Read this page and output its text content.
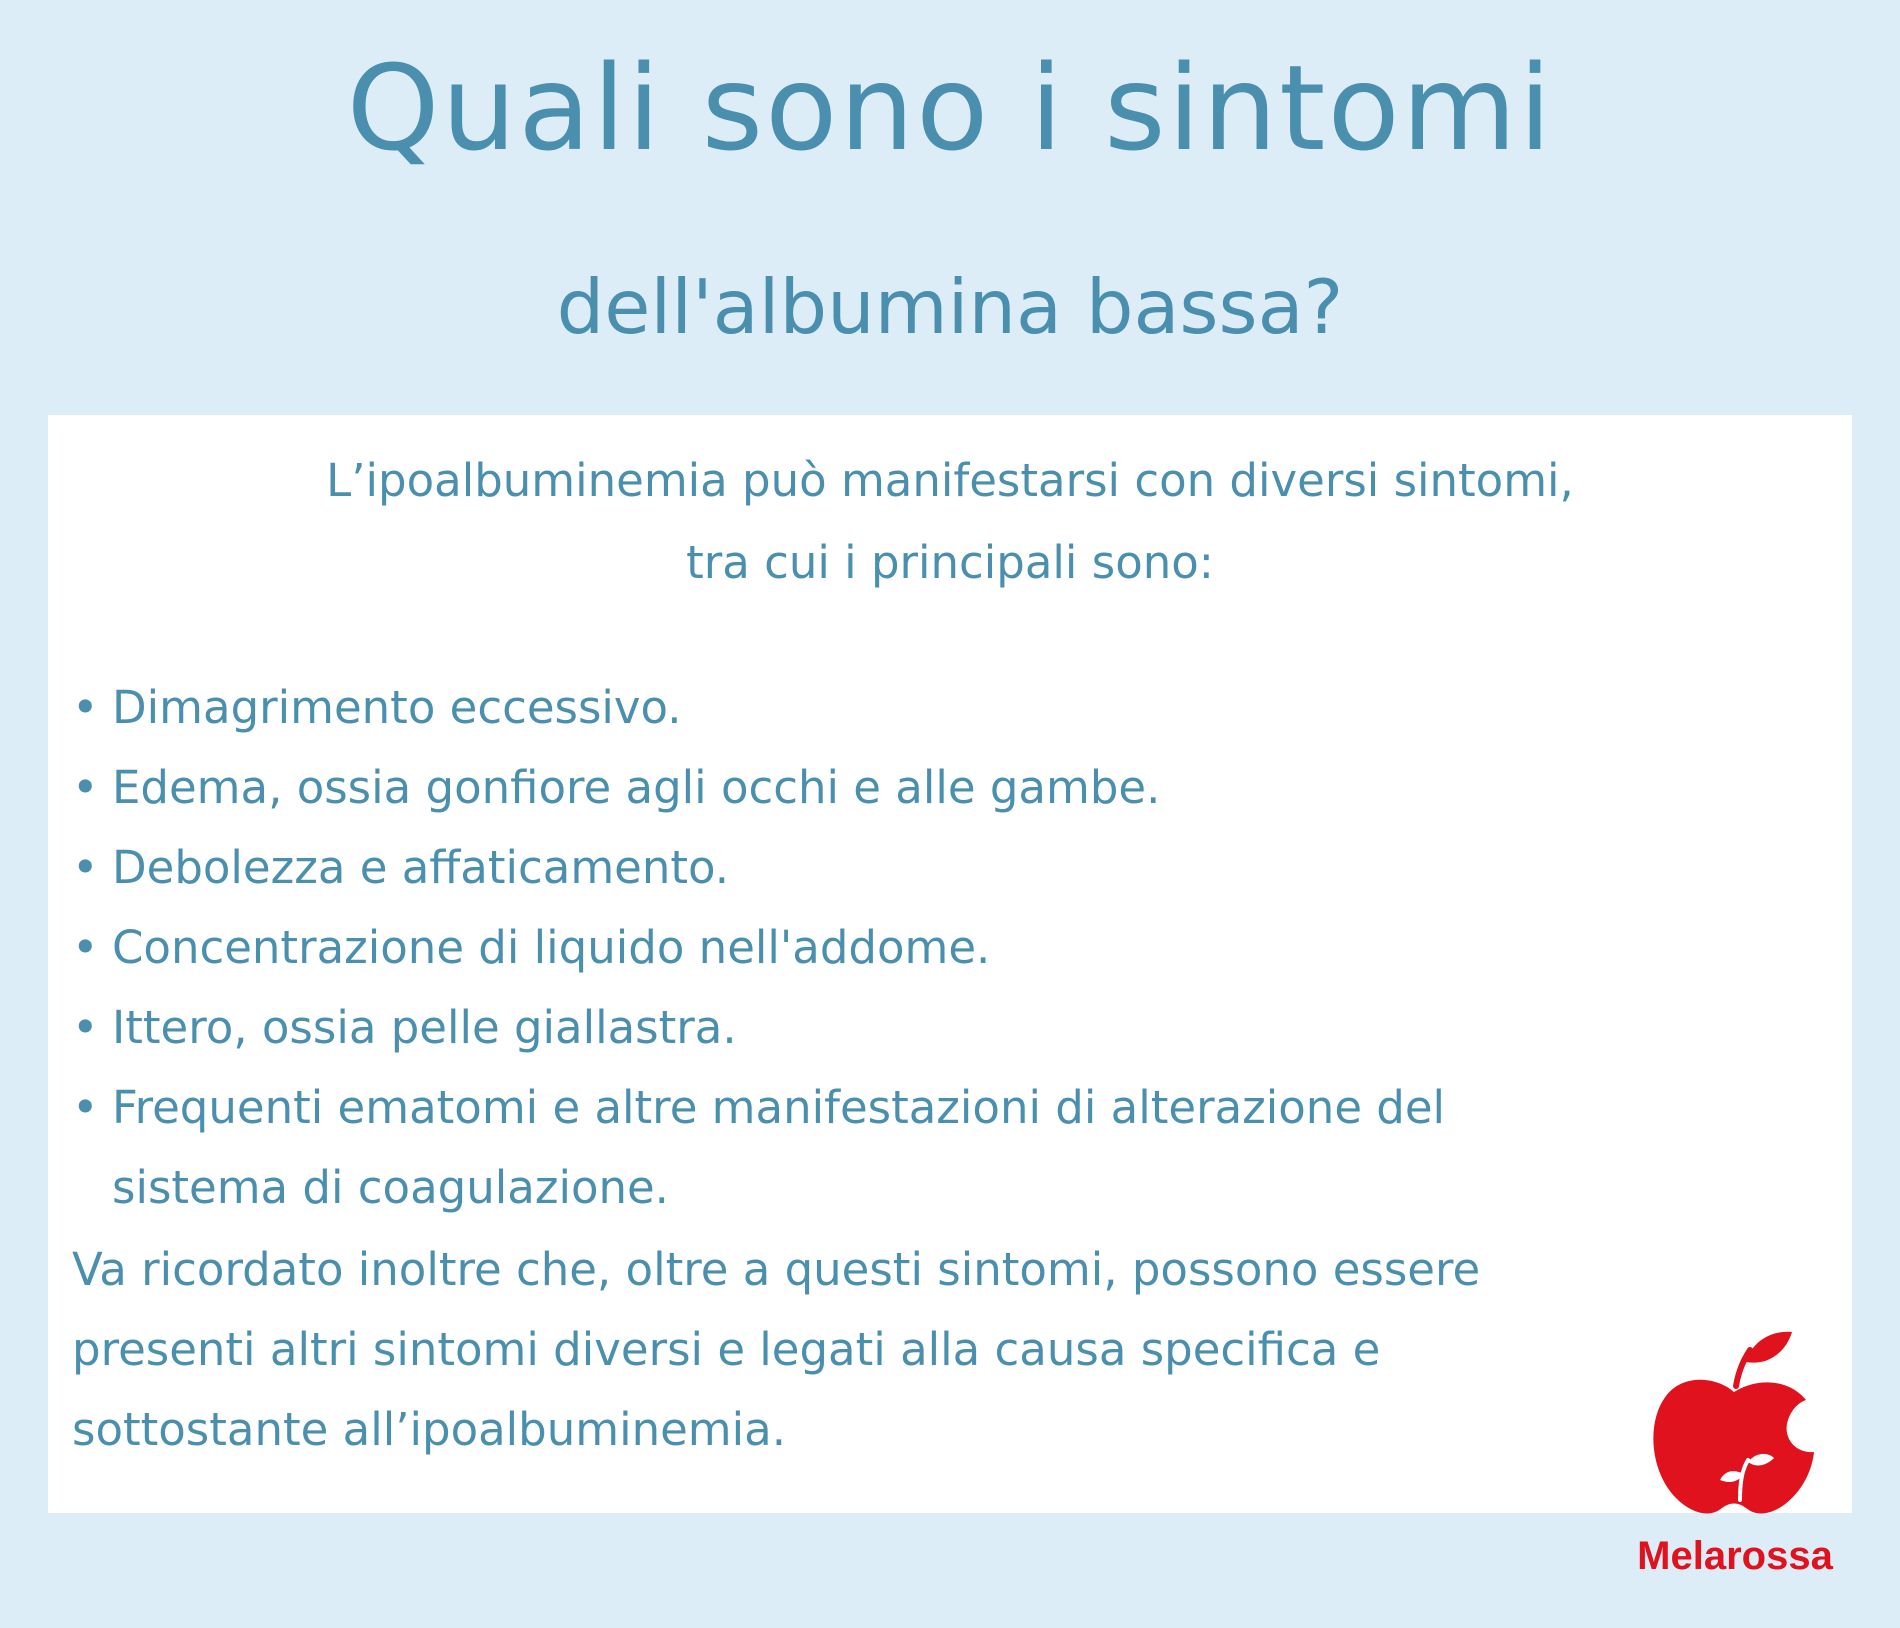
Quali sono i sintomi
dell'albumina bassa?
L’ipoalbuminemia può manifestarsi con diversi sintomi,
tra cui i principali sono:
• Dimagrimento eccessivo.
• Edema, ossia gonfiore agli occhi e alle gambe.
• Debolezza e affaticamento.
• Concentrazione di liquido nell'addome.
• Ittero, ossia pelle giallastra.
• Frequenti ematomi e altre manifestazioni di alterazione del
sistema di coagulazione.
Va ricordato inoltre che, oltre a questi sintomi, possono essere
presenti altri sintomi diversi e legati alla causa specifica e
sottostante all’ipoalbuminemia.
Melarossa
